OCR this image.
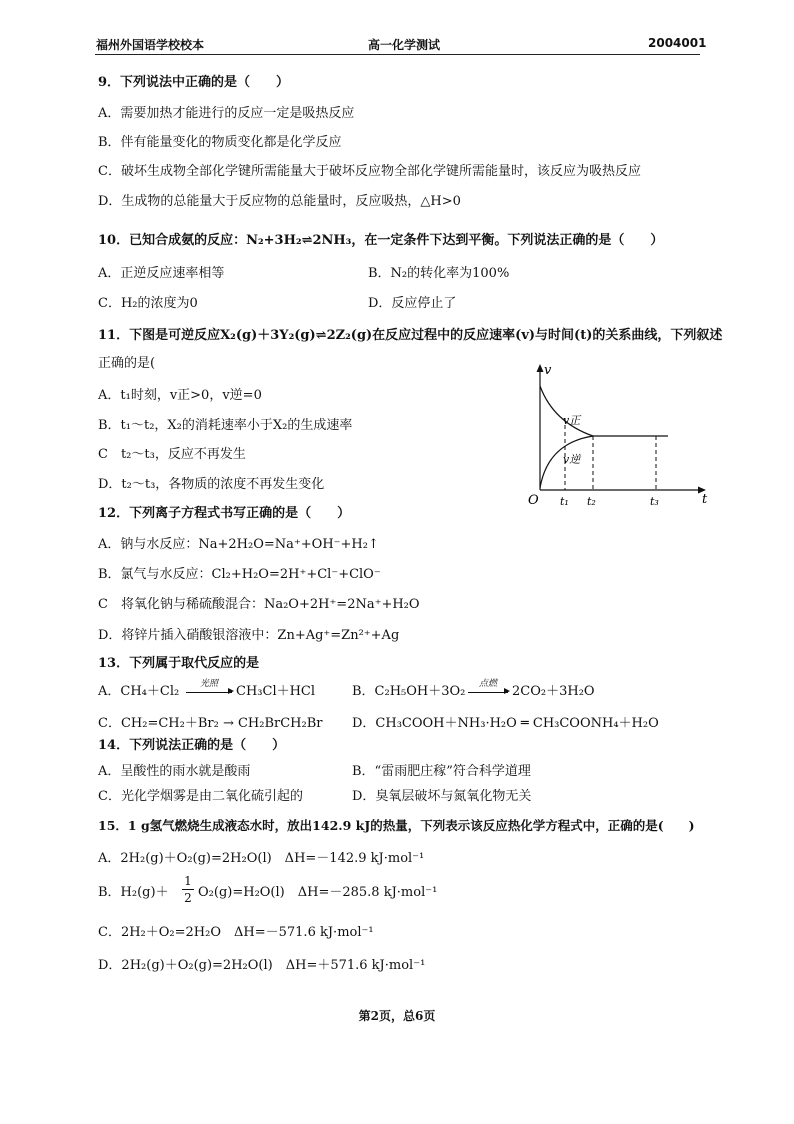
福州外国语学校校本	高一化学测试	2004001
9．下列说法中正确的是（　　）
A．需要加热才能进行的反应一定是吸热反应
B．伴有能量变化的物质变化都是化学反应
C．破坏生成物全部化学键所需能量大于破坏反应物全部化学键所需能量时，该反应为吸热反应
D．生成物的总能量大于反应物的总能量时，反应吸热，△H>0
10．已知合成氨的反应：N₂+3H₂⇌2NH₃，在一定条件下达到平衡。下列说法正确的是（　　）
A．正逆反应速率相等	B．N₂的转化率为100%
C．H₂的浓度为0	D．反应停止了
11．下图是可逆反应X₂(g)＋3Y₂(g)⇌2Z₂(g)在反应过程中的反应速率(v)与时间(t)的关系曲线，下列叙述
正确的是(
A．t₁时刻，v正>0，v逆=0
B．t₁～t₂，X₂的消耗速率小于X₂的生成速率
C　t₂～t₃，反应不再发生
D．t₂～t₃，各物质的浓度不再发生变化
v
t
O
v正
v逆
t₁ t₂	t₃
12．下列离子方程式书写正确的是（　　）
A．钠与水反应：Na+2H₂O=Na⁺+OH⁻+H₂↑
B．氯气与水反应：Cl₂+H₂O=2H⁺+Cl⁻+ClO⁻
C　将氧化钠与稀硫酸混合：Na₂O+2H⁺=2Na⁺+H₂O
D．将锌片插入硝酸银溶液中：Zn+Ag⁺=Zn²⁺+Ag
13．下列属于取代反应的是
A．CH₄＋Cl₂	光照	CH₃Cl＋HCl	B．C₂H₅OH＋3O₂	点燃	2CO₂＋3H₂O
C．CH₂=CH₂＋Br₂ → CH₂BrCH₂Br D．CH₃COOH＋NH₃·H₂O ═ CH₃COONH₄＋H₂O
14．下列说法正确的是（　　）
A．呈酸性的雨水就是酸雨	B．“雷雨肥庄稼”符合科学道理
C．光化学烟雾是由二氧化硫引起的	D．臭氧层破坏与氮氧化物无关
15．1 g氢气燃烧生成液态水时，放出142.9 kJ的热量，下列表示该反应热化学方程式中，正确的是(　　)
A．2H₂(g)＋O₂(g)=2H₂O(l)　ΔH=－142.9 kJ·mol⁻¹
B．H₂(g)＋
1
2 O₂(g)=H₂O(l)　ΔH=－285.8 kJ·mol⁻¹
C．2H₂＋O₂=2H₂O　ΔH=－571.6 kJ·mol⁻¹
D．2H₂(g)＋O₂(g)=2H₂O(l)　ΔH=＋571.6 kJ·mol⁻¹
第2页，总6页
